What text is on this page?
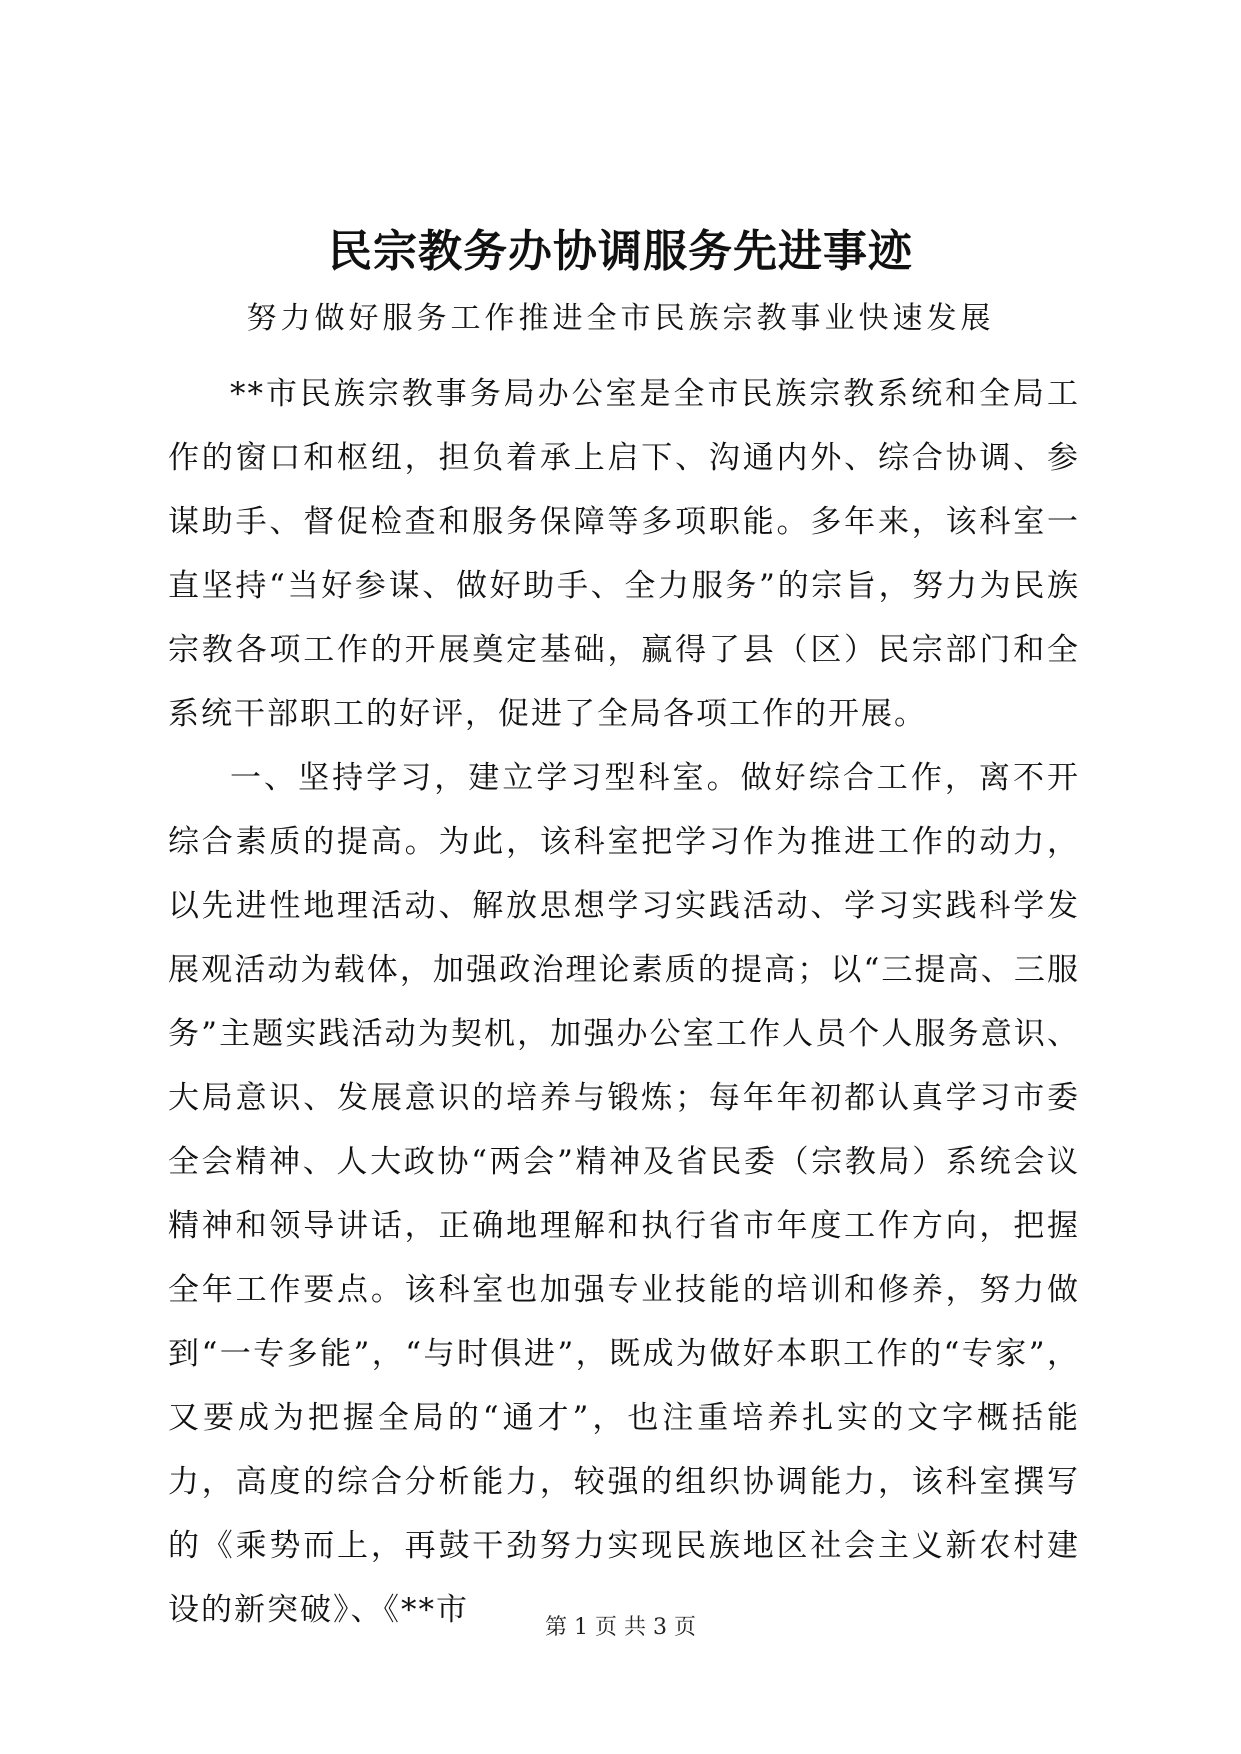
民宗教务办协调服务先进事迹
努力做好服务工作推进全市民族宗教事业快速发展

**市民族宗教事务局办公室是全市民族宗教系统和全局工作的窗口和枢纽，担负着承上启下、沟通内外、综合协调、参谋助手、督促检查和服务保障等多项职能。多年来，该科室一直坚持“当好参谋、做好助手、全力服务”的宗旨，努力为民族宗教各项工作的开展奠定基础，赢得了县（区）民宗部门和全系统干部职工的好评，促进了全局各项工作的开展。

一、坚持学习，建立学习型科室。做好综合工作，离不开综合素质的提高。为此，该科室把学习作为推进工作的动力，以先进性地理活动、解放思想学习实践活动、学习实践科学发展观活动为载体，加强政治理论素质的提高；以“三提高、三服务”主题实践活动为契机，加强办公室工作人员个人服务意识、大局意识、发展意识的培养与锻炼；每年年初都认真学习市委全会精神、人大政协“两会”精神及省民委（宗教局）系统会议精神和领导讲话，正确地理解和执行省市年度工作方向，把握全年工作要点。该科室也加强专业技能的培训和修养，努力做到“一专多能”，“与时俱进”，既成为做好本职工作的“专家”，又要成为把握全局的“通才”，也注重培养扎实的文字概括能力，高度的综合分析能力，较强的组织协调能力，该科室撰写的《乘势而上，再鼓干劲努力实现民族地区社会主义新农村建设的新突破》、《**市	第 1 页 共 3 页
